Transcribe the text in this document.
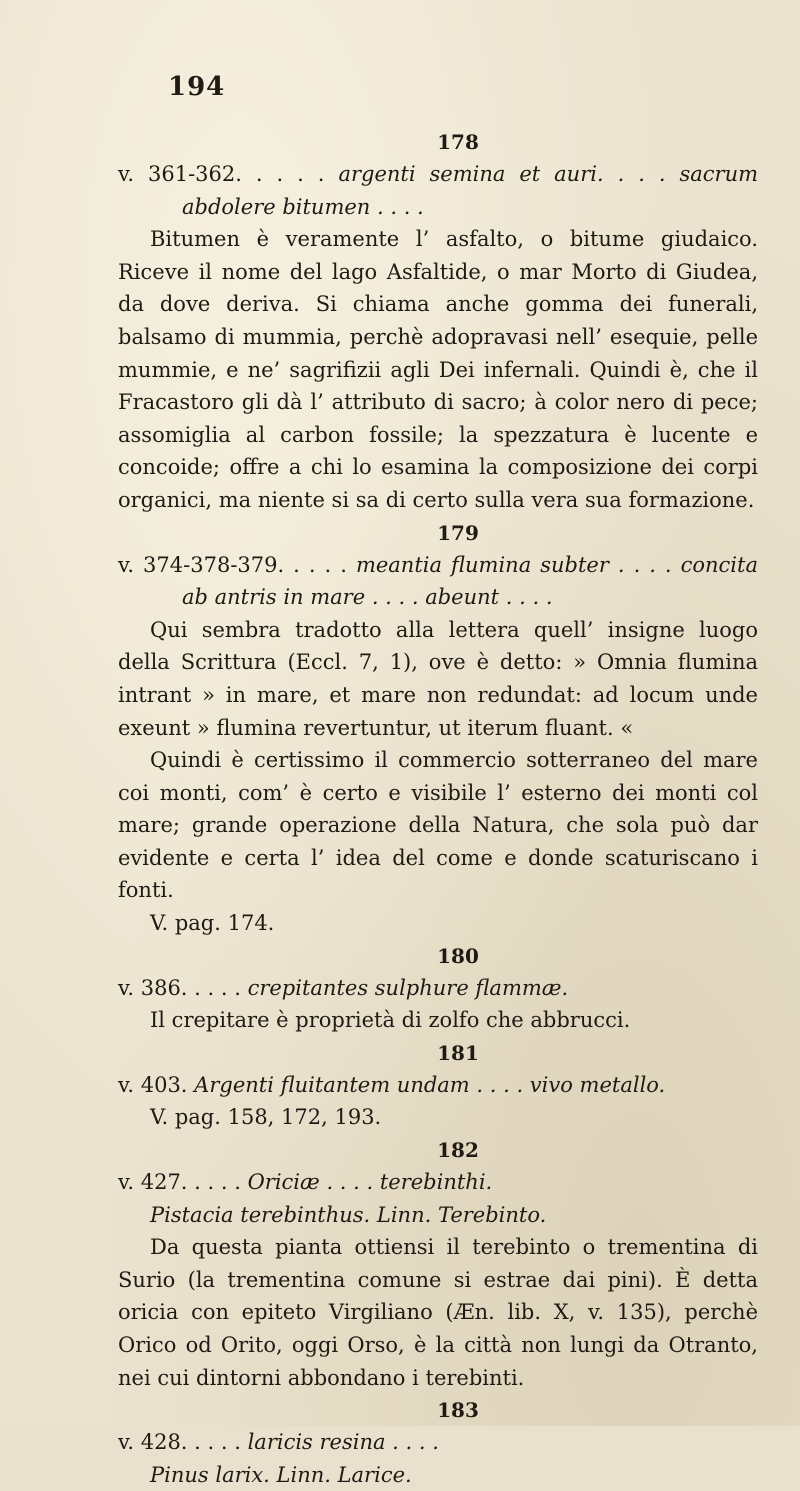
194

178

v. 361-362. . . . . argenti semina et auri. . . . sacrum abdolere bitumen . . . .

Bitumen è veramente l’ asfalto, o bitume giudaico. Riceve il nome del lago Asfaltide, o mar Morto di Giudea, da dove deriva. Si chiama anche gomma dei funerali, balsamo di mummia, perchè adopravasi nell’ esequie, pelle mummie, e ne’ sagrifizii agli Dei infernali. Quindi è, che il Fracastoro gli dà l’ attributo di sacro; à color nero di pece; assomiglia al carbon fossile; la spezzatura è lucente e concoide; offre a chi lo esamina la composizione dei corpi organici, ma niente si sa di certo sulla vera sua formazione.

179

v. 374-378-379. . . . . meantia flumina subter . . . . concita ab antris in mare . . . . abeunt . . . .

Qui sembra tradotto alla lettera quell’ insigne luogo della Scrittura (Eccl. 7, 1), ove è detto: » Omnia flumina intrant » in mare, et mare non redundat: ad locum unde exeunt » flumina revertuntur, ut iterum fluant. «

Quindi è certissimo il commercio sotterraneo del mare coi monti, com’ è certo e visibile l’ esterno dei monti col mare; grande operazione della Natura, che sola può dar evidente e certa l’ idea del come e donde scaturiscano i fonti.

V. pag. 174.

180

v. 386. . . . . crepitantes sulphure flammæ.

Il crepitare è proprietà di zolfo che abbrucci.

181

v. 403. Argenti fluitantem undam . . . . vivo metallo.

V. pag. 158, 172, 193.

182

v. 427. . . . . Oriciæ . . . . terebinthi.

Pistacia terebinthus. Linn. Terebinto.

Da questa pianta ottiensi il terebinto o trementina di Surio (la trementina comune si estrae dai pini). È detta oricia con epiteto Virgiliano (Æn. lib. X, v. 135), perchè Orico od Orito, oggi Orso, è la città non lungi da Otranto, nei cui dintorni abbondano i terebinti.

183

v. 428. . . . . laricis resina . . . .

Pinus larix. Linn. Larice.
